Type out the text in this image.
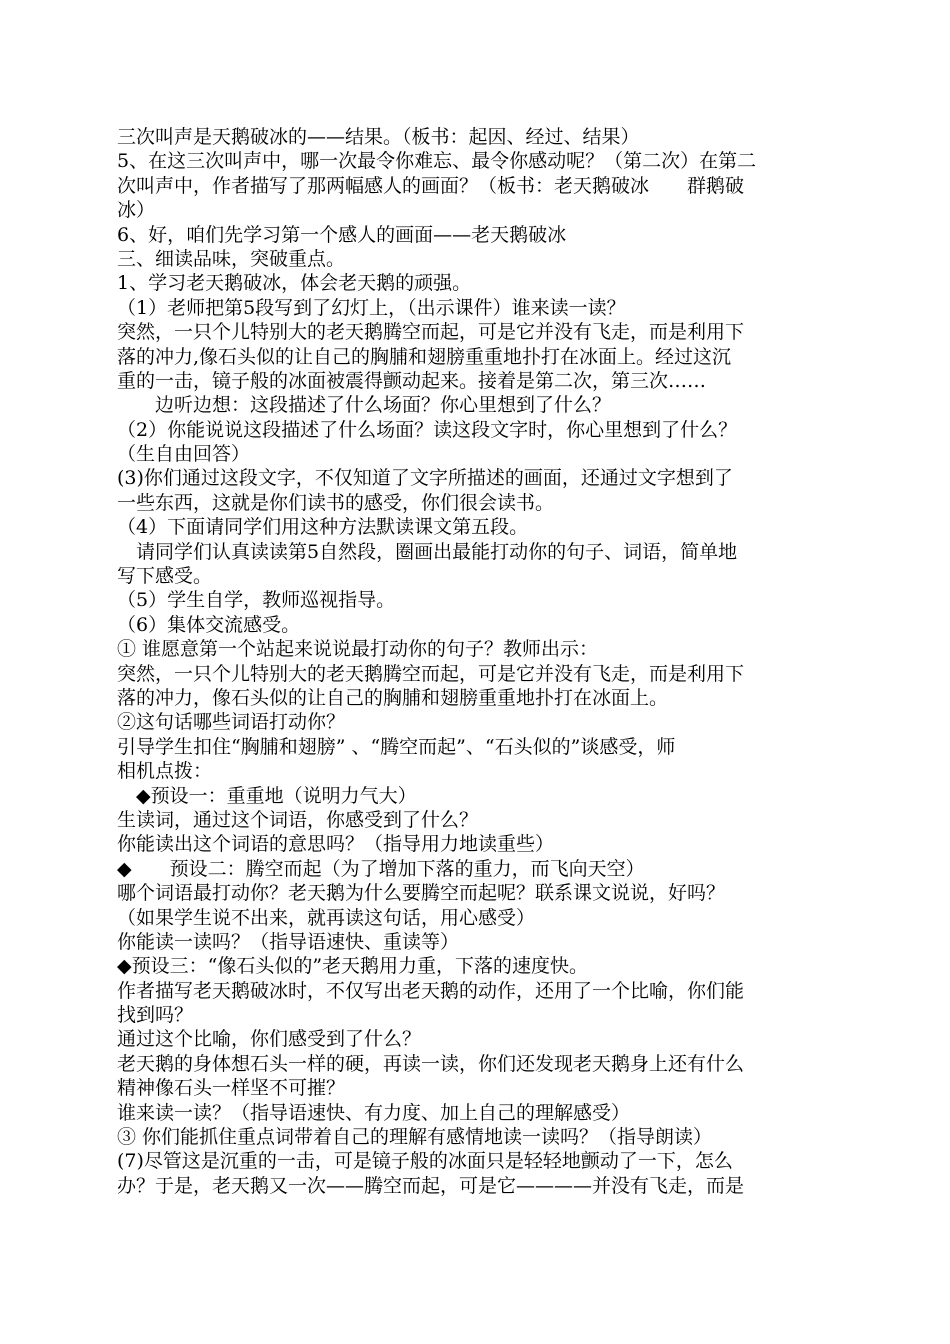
三次叫声是天鹅破冰的——结果。（板书：起因、经过、结果）
5、在这三次叫声中，哪一次最令你难忘、最令你感动呢？（第二次）在第二
次叫声中，作者描写了那两幅感人的画面？（板书：老天鹅破冰　　群鹅破
冰）
6、好，咱们先学习第一个感人的画面——老天鹅破冰
三、细读品味，突破重点。
1、学习老天鹅破冰，体会老天鹅的顽强。
（1）老师把第5段写到了幻灯上，（出示课件）谁来读一读？
突然，一只个儿特别大的老天鹅腾空而起，可是它并没有飞走，而是利用下
落的冲力,像石头似的让自己的胸脯和翅膀重重地扑打在冰面上。经过这沉
重的一击，镜子般的冰面被震得颤动起来。接着是第二次，第三次……
　　边听边想：这段描述了什么场面？你心里想到了什么？
（2）你能说说这段描述了什么场面？读这段文字时，你心里想到了什么？
（生自由回答）
(3)你们通过这段文字，不仅知道了文字所描述的画面，还通过文字想到了
一些东西，这就是你们读书的感受，你们很会读书。
（4）下面请同学们用这种方法默读课文第五段。
　请同学们认真读读第5自然段，圈画出最能打动你的句子、词语，简单地
写下感受。
（5）学生自学，教师巡视指导。
（6）集体交流感受。
① 谁愿意第一个站起来说说最打动你的句子？教师出示：
突然，一只个儿特别大的老天鹅腾空而起，可是它并没有飞走，而是利用下
落的冲力，像石头似的让自己的胸脯和翅膀重重地扑打在冰面上。
②这句话哪些词语打动你？
引导学生扣住“胸脯和翅膀” 、“腾空而起”、“石头似的”谈感受，师
相机点拨：
　◆预设一：重重地（说明力气大）
生读词，通过这个词语，你感受到了什么？
你能读出这个词语的意思吗？（指导用力地读重些）
◆　　预设二：腾空而起（为了增加下落的重力，而飞向天空）
哪个词语最打动你？老天鹅为什么要腾空而起呢？联系课文说说，好吗？
（如果学生说不出来，就再读这句话，用心感受）
你能读一读吗？（指导语速快、重读等）
◆预设三：“像石头似的”老天鹅用力重，下落的速度快。
作者描写老天鹅破冰时，不仅写出老天鹅的动作，还用了一个比喻，你们能
找到吗？
通过这个比喻，你们感受到了什么？
老天鹅的身体想石头一样的硬，再读一读，你们还发现老天鹅身上还有什么
精神像石头一样坚不可摧？
谁来读一读？（指导语速快、有力度、加上自己的理解感受）
③ 你们能抓住重点词带着自己的理解有感情地读一读吗？（指导朗读）
(7)尽管这是沉重的一击，可是镜子般的冰面只是轻轻地颤动了一下，怎么
办？于是，老天鹅又一次——腾空而起，可是它————并没有飞走，而是
